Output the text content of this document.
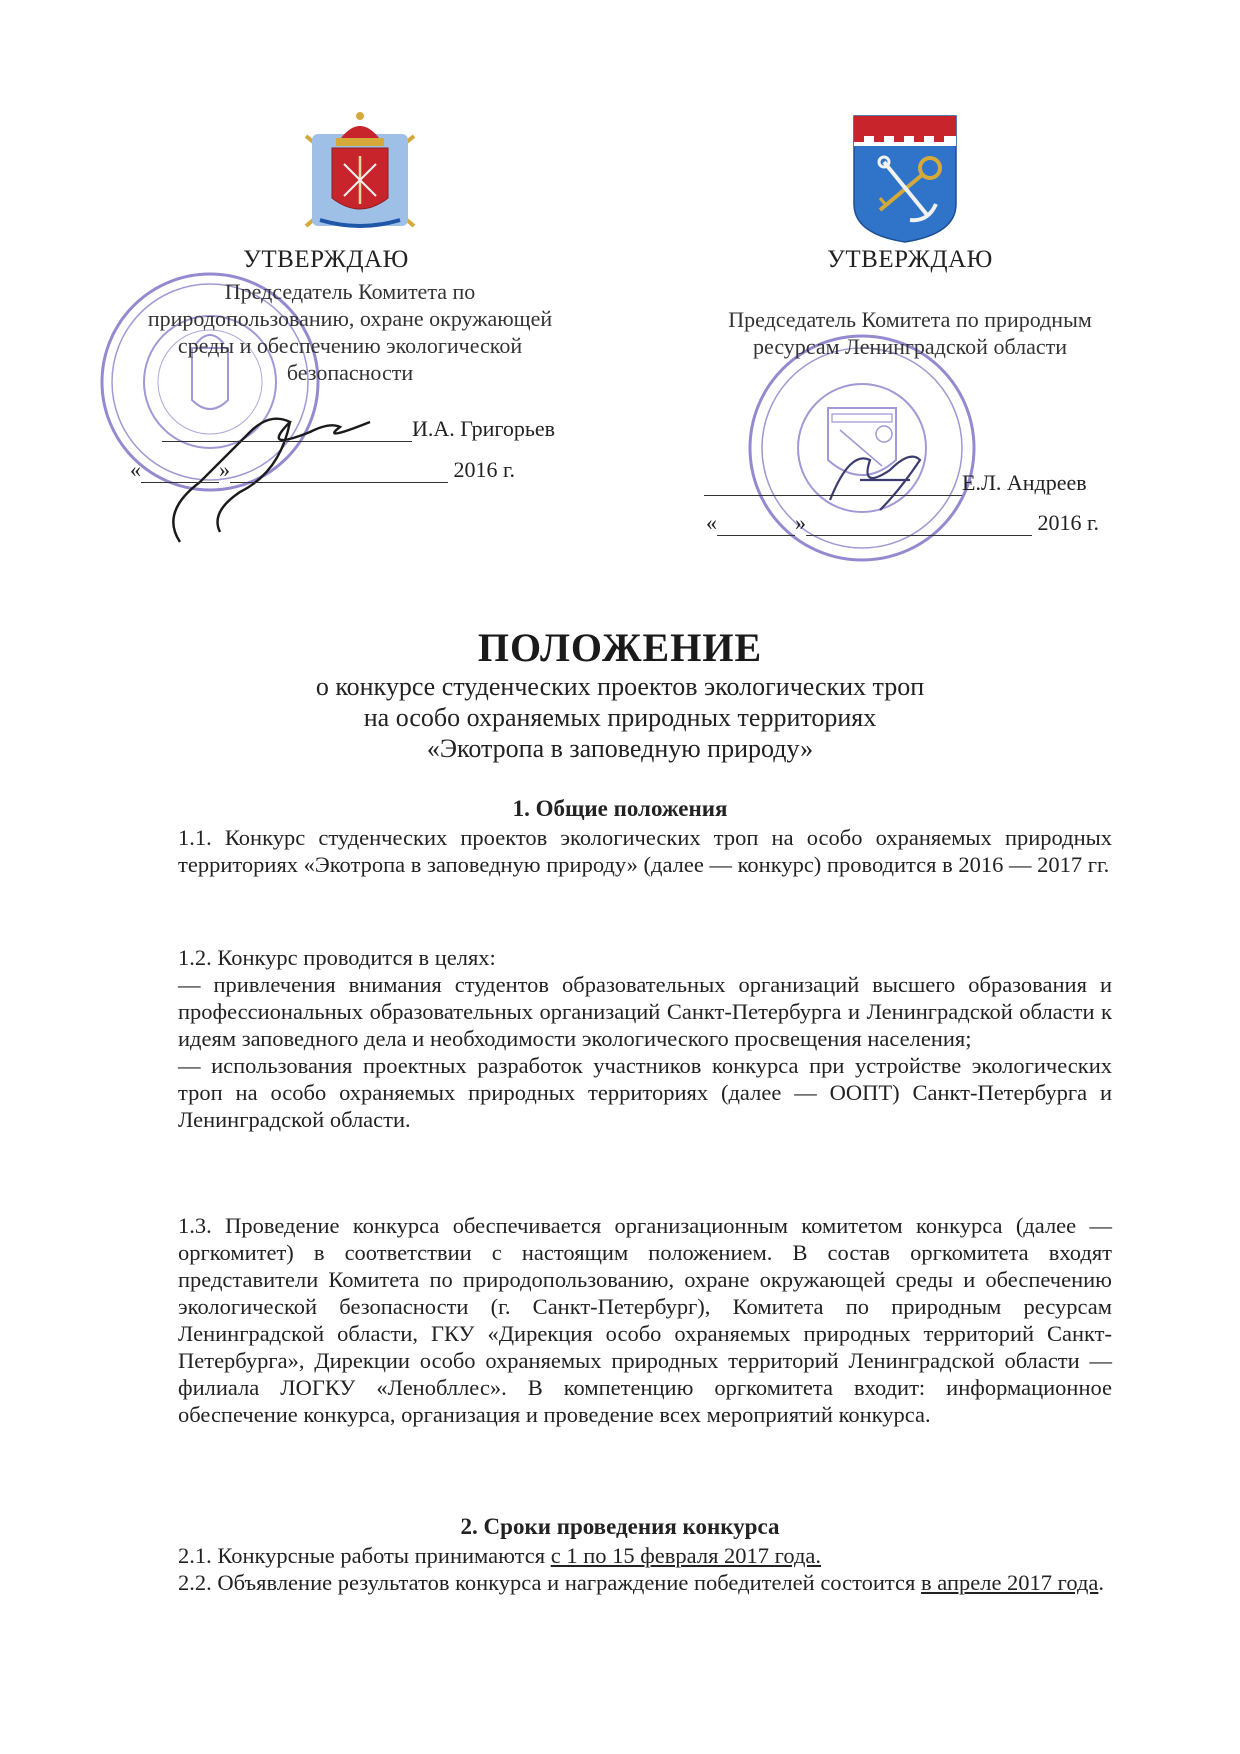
УТВЕРЖДАЮ
Председатель Комитета по
природопользованию, охране окружающей
среды и обеспечению экологической
безопасности
И.А. Григорьев
«	»	2016 г.
УТВЕРЖДАЮ
Председатель Комитета по природным
ресурсам Ленинградской области
Е.Л. Андреев
«	»	2016 г.
ПОЛОЖЕНИЕ
о конкурсе студенческих проектов экологических троп
на особо охраняемых природных территориях
«Экотропа в заповедную природу»
1. Общие положения

1.1. Конкурс студенческих проектов экологических троп на особо охраняемых природных территориях «Экотропа в заповедную природу» (далее — конкурс) проводится в 2016 — 2017 гг.

1.2. Конкурс проводится в целях:

— привлечения внимания студентов образовательных организаций высшего образования и профессиональных образовательных организаций Санкт-Петербурга и Ленинградской области к идеям заповедного дела и необходимости экологического просвещения населения;

— использования проектных разработок участников конкурса при устройстве экологических троп на особо охраняемых природных территориях (далее — ООПТ) Санкт-Петербурга и Ленинградской области.

1.3. Проведение конкурса обеспечивается организационным комитетом конкурса (далее — оргкомитет) в соответствии с настоящим положением. В состав оргкомитета входят представители Комитета по природопользованию, охране окружающей среды и обеспечению экологической безопасности (г. Санкт-Петербург), Комитета по природным ресурсам Ленинградской области, ГКУ «Дирекция особо охраняемых природных территорий Санкт-Петербурга», Дирекции особо охраняемых природных территорий Ленинградской области — филиала ЛОГКУ «Ленобллес». В компетенцию оргкомитета входит: информационное обеспечение конкурса, организация и проведение всех мероприятий конкурса.

2. Сроки проведения конкурса

2.1. Конкурсные работы принимаются с 1 по 15 февраля 2017 года.

2.2. Объявление результатов конкурса и награждение победителей состоится в апреле 2017 года.
